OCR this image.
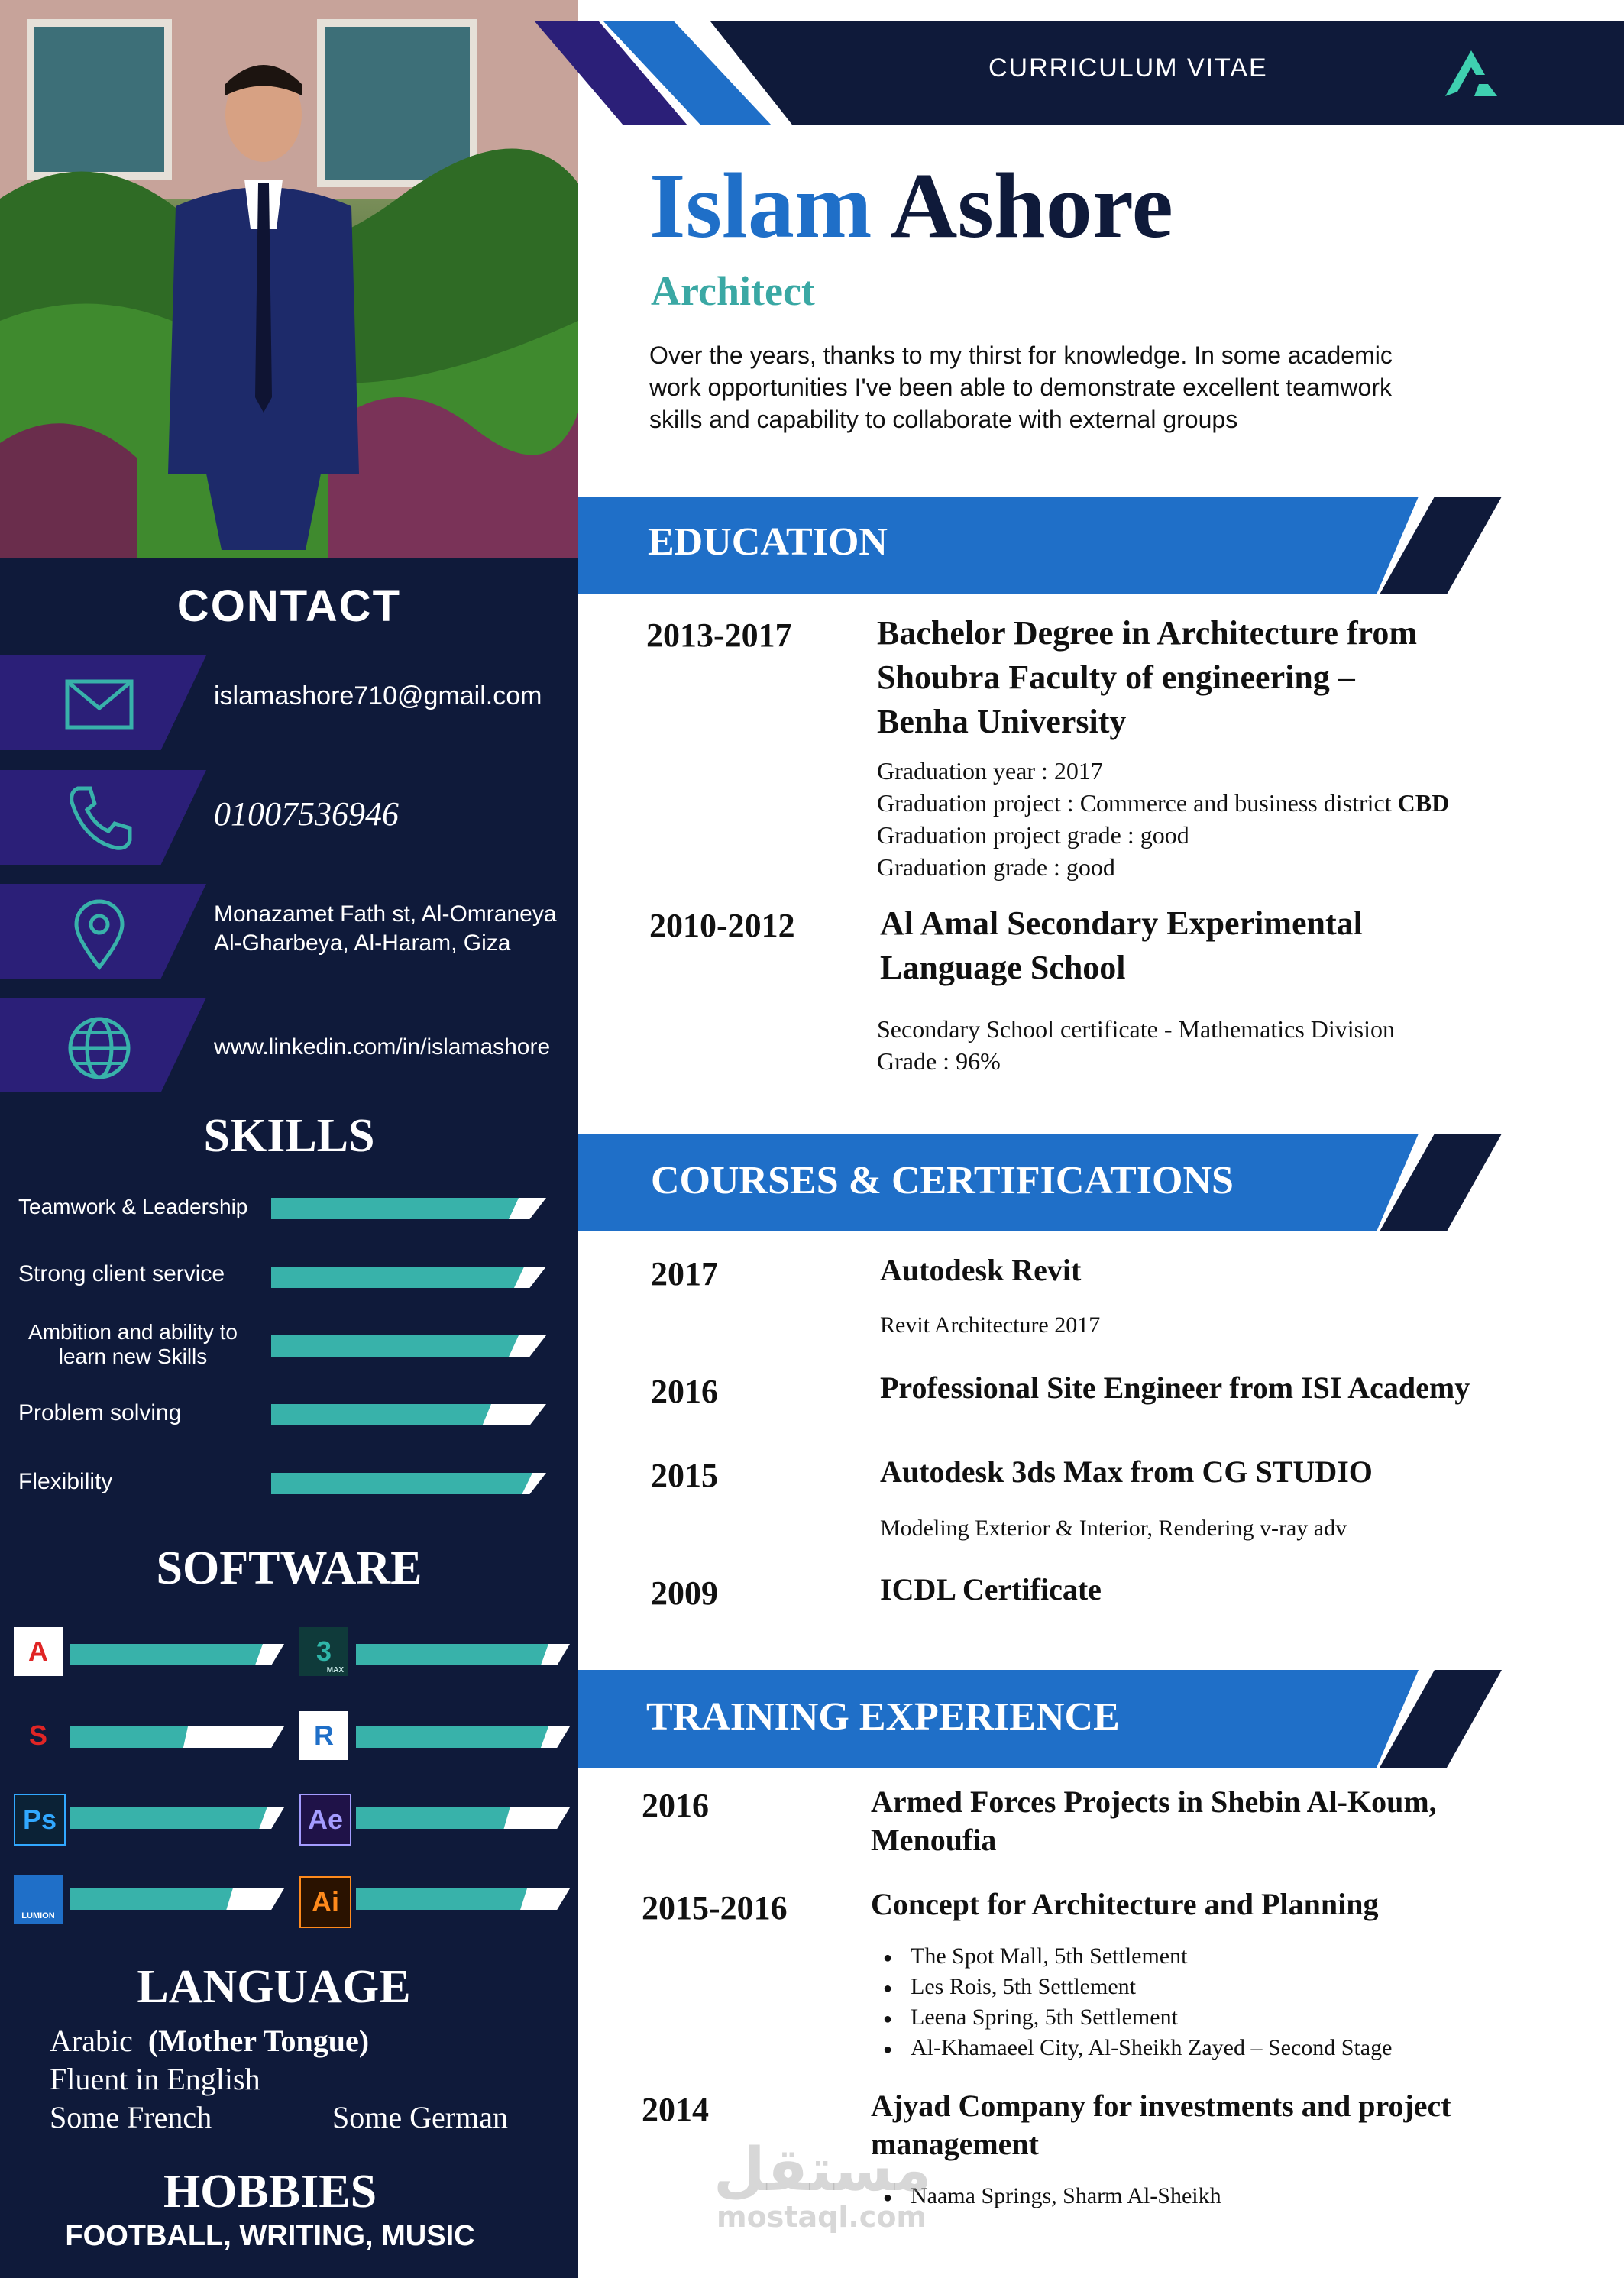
CONTACT
islamashore710@gmail.com
01007536946
Monazamet Fath st, Al-Omraneya
Al-Gharbeya, Al-Haram, Giza
www.linkedin.com/in/islamashore
SKILLS
Teamwork & Leadership
Strong client service
Ambition and ability to
learn new Skills
Problem solving
Flexibility
SOFTWARE
A	3
MAX
S	R
Ps	Ae
LUMION	Ai
LANGUAGE
Arabic (Mother Tongue)
Fluent in English
Some French	Some German
HOBBIES
FOOTBALL, WRITING, MUSIC
CURRICULUM VITAE
Islam Ashore
Architect
Over the years, thanks to my thirst for knowledge. In some academic
work opportunities I've been able to demonstrate excellent teamwork
skills and capability to collaborate with external groups
EDUCATION
2013-2017	Bachelor Degree in Architecture from
Shoubra Faculty of engineering –
Benha University
Graduation year : 2017
Graduation project : Commerce and business district CBD
Graduation project grade : good
Graduation grade : good
2010-2012	Al Amal Secondary Experimental
Language School
Secondary School certificate - Mathematics Division
Grade : 96%
COURSES & CERTIFICATIONS
2017	Autodesk Revit
Revit Architecture 2017
2016	Professional Site Engineer from ISI Academy
2015	Autodesk 3ds Max from CG STUDIO
Modeling Exterior & Interior, Rendering v-ray adv
2009	ICDL Certificate
TRAINING EXPERIENCE
2016	Armed Forces Projects in Shebin Al-Koum,
Menoufia
2015-2016	Concept for Architecture and Planning
● The Spot Mall, 5th Settlement
● Les Rois, 5th Settlement
● Leena Spring, 5th Settlement
● Al-Khamaeel City, Al-Sheikh Zayed – Second Stage
2014	Ajyad Company for investments and project
management
● Naama Springs, Sharm Al-Sheikh
مستقل
mostaql.com
